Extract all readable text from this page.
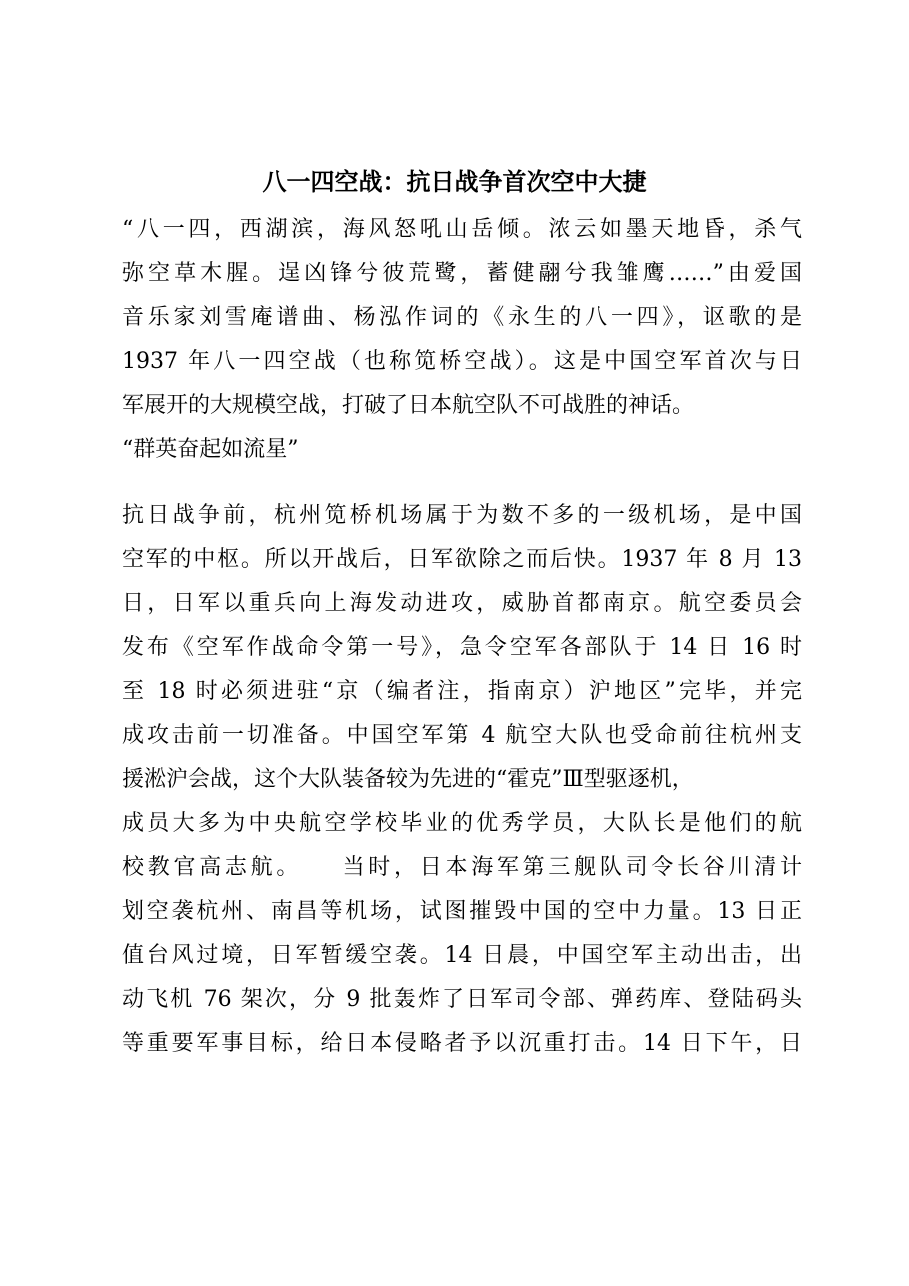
八一四空战：抗日战争首次空中大捷
“八一四，西湖滨，海风怒吼山岳倾。浓云如墨天地昏，杀气
弥空草木腥。逞凶锋兮彼荒鹭，蓄健翮兮我雏鹰……”由爱国
音乐家刘雪庵谱曲、杨泓作词的《永生的八一四》，讴歌的是
1937 年八一四空战（也称笕桥空战）。这是中国空军首次与日
军展开的大规模空战，打破了日本航空队不可战胜的神话。
“群英奋起如流星”
抗日战争前，杭州笕桥机场属于为数不多的一级机场，是中国
空军的中枢。所以开战后，日军欲除之而后快。1937 年 8 月 13
日，日军以重兵向上海发动进攻，威胁首都南京。航空委员会
发布《空军作战命令第一号》，急令空军各部队于 14 日 16 时
至 18 时必须进驻“京（编者注，指南京）沪地区”完毕，并完
成攻击前一切准备。中国空军第 4 航空大队也受命前往杭州支
援淞沪会战，这个大队装备较为先进的“霍克”Ⅲ型驱逐机，
成员大多为中央航空学校毕业的优秀学员，大队长是他们的航
校教官高志航。　　当时，日本海军第三舰队司令长谷川清计
划空袭杭州、南昌等机场，试图摧毁中国的空中力量。13 日正
值台风过境，日军暂缓空袭。14 日晨，中国空军主动出击，出
动飞机 76 架次，分 9 批轰炸了日军司令部、弹药库、登陆码头
等重要军事目标，给日本侵略者予以沉重打击。14 日下午，日
